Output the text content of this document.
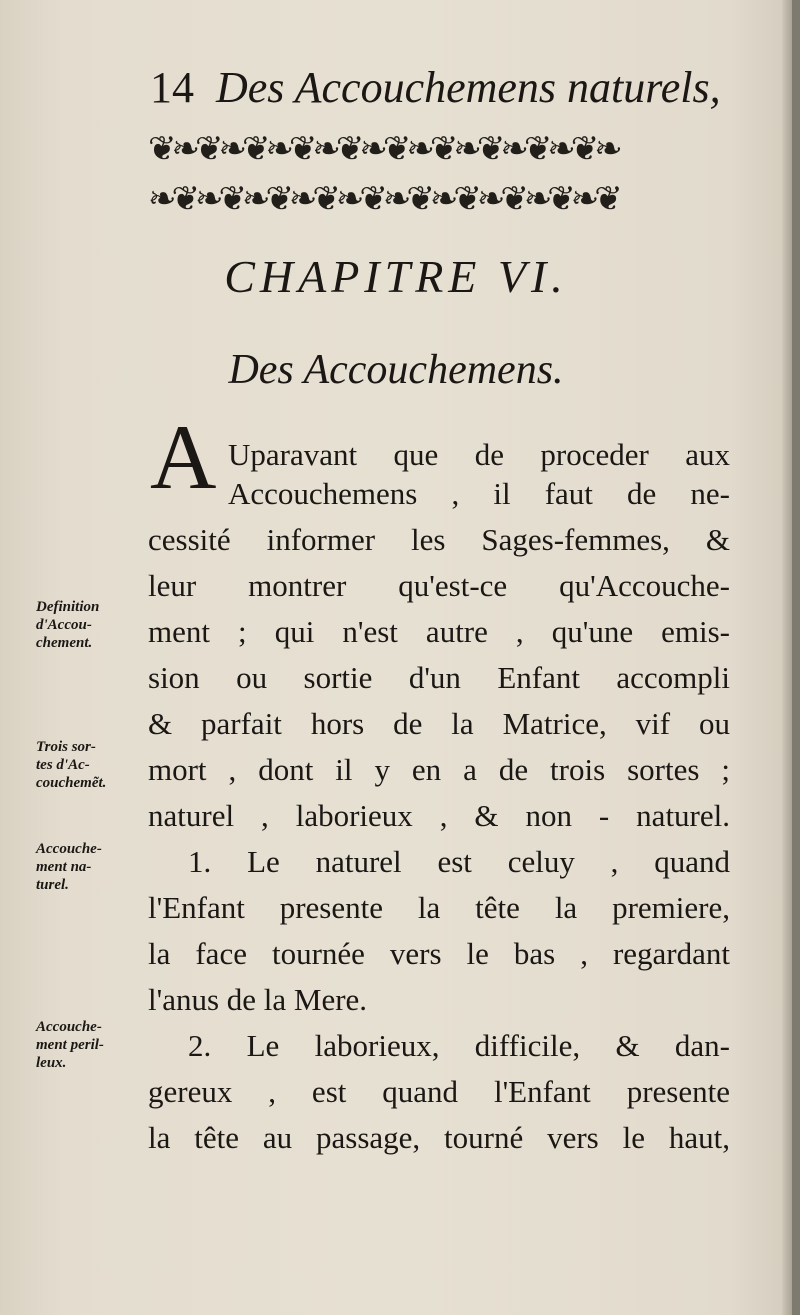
14 Des Accouchemens naturels,
❦❧❦❧❦❧❦❧❦❧❦❧❦❧❦❧❦❧❦❧
❧❦❧❦❧❦❧❦❧❦❧❦❧❦❧❦❧❦❧❦
CHAPITRE VI.
Des Accouchemens.
A Uparavant que de proceder aux
Accouchemens , il faut de ne-
cessité informer les Sages-femmes, &
leur montrer qu'est-ce qu'Accouche-
ment ; qui n'est autre , qu'une emis-
sion ou sortie d'un Enfant accompli
& parfait hors de la Matrice, vif ou
mort , dont il y en a de trois sortes ;
naturel , laborieux , & non - naturel.
1. Le naturel est celuy , quand
l'Enfant presente la tête la premiere,
la face tournée vers le bas , regardant
l'anus de la Mere.
2. Le laborieux, difficile, & dan-
gereux , est quand l'Enfant presente
la tête au passage, tourné vers le haut,
Definition
d'Accou-
chement.
Trois sor-
tes d'Ac-
couchemẽt.
Accouche-
ment na-
turel.
Accouche-
ment peril-
leux.
